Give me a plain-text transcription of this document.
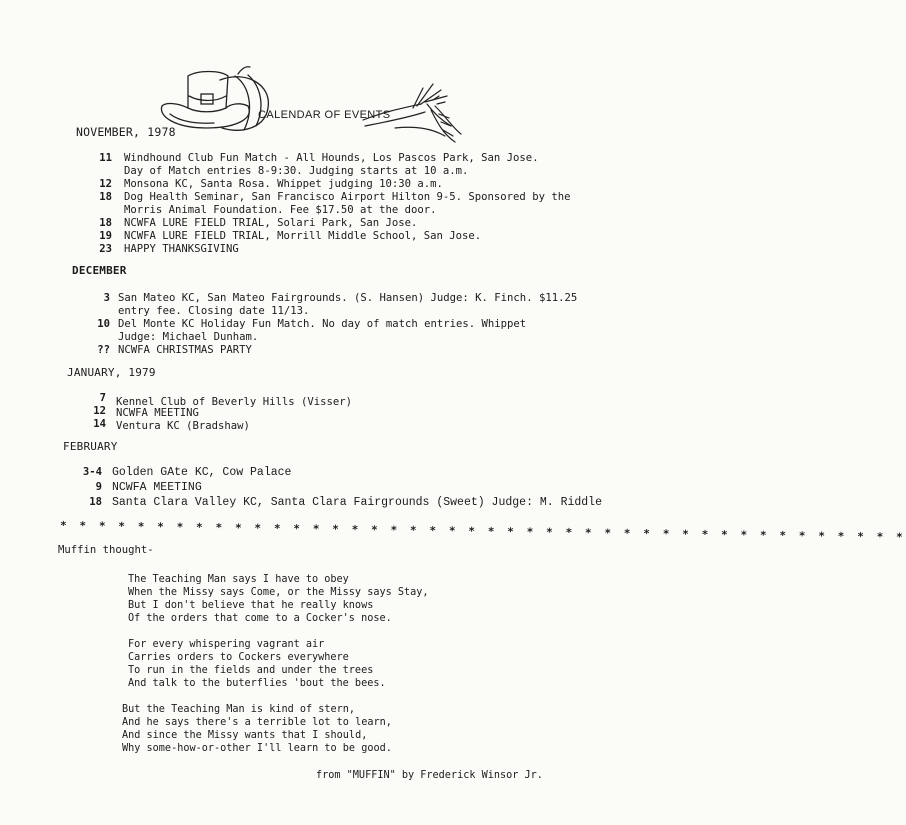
NOVEMBER, 1978
CALENDAR OF EVENTS
11 Windhound Club Fun Match - All Hounds, Los Pascos Park, San Jose.
Day of Match entries 8-9:30. Judging starts at 10 a.m.
12 Monsona KC, Santa Rosa. Whippet judging 10:30 a.m.
18 Dog Health Seminar, San Francisco Airport Hilton 9-5. Sponsored by the
Morris Animal Foundation. Fee $17.50 at the door.
18 NCWFA LURE FIELD TRIAL, Solari Park, San Jose.
19 NCWFA LURE FIELD TRIAL, Morrill Middle School, San Jose.
23 HAPPY THANKSGIVING
DECEMBER
3 San Mateo KC, San Mateo Fairgrounds. (S. Hansen) Judge: K. Finch. $11.25
entry fee. Closing date 11/13.
10 Del Monte KC Holiday Fun Match. No day of match entries. Whippet
Judge: Michael Dunham.
?? NCWFA CHRISTMAS PARTY
JANUARY, 1979
7 Kennel Club of Beverly Hills (Visser)
12 NCWFA MEETING
14 Ventura KC (Bradshaw)
FEBRUARY
3-4 Golden GAte KC, Cow Palace
9 NCWFA MEETING
18 Santa Clara Valley KC, Santa Clara Fairgrounds (Sweet) Judge: M. Riddle
* * * * * * * * * * * * * * * * * * * * * * * * * * * * * * * * * * * * * * * * * * * *
Muffin thought-
The Teaching Man says I have to obey
When the Missy says Come, or the Missy says Stay,
But I don't believe that he really knows
Of the orders that come to a Cocker's nose.
For every whispering vagrant air
Carries orders to Cockers everywhere
To run in the fields and under the trees
And talk to the buterflies 'bout the bees.
But the Teaching Man is kind of stern,
And he says there's a terrible lot to learn,
And since the Missy wants that I should,
Why some-how-or-other I'll learn to be good.
from "MUFFIN" by Frederick Winsor Jr.
